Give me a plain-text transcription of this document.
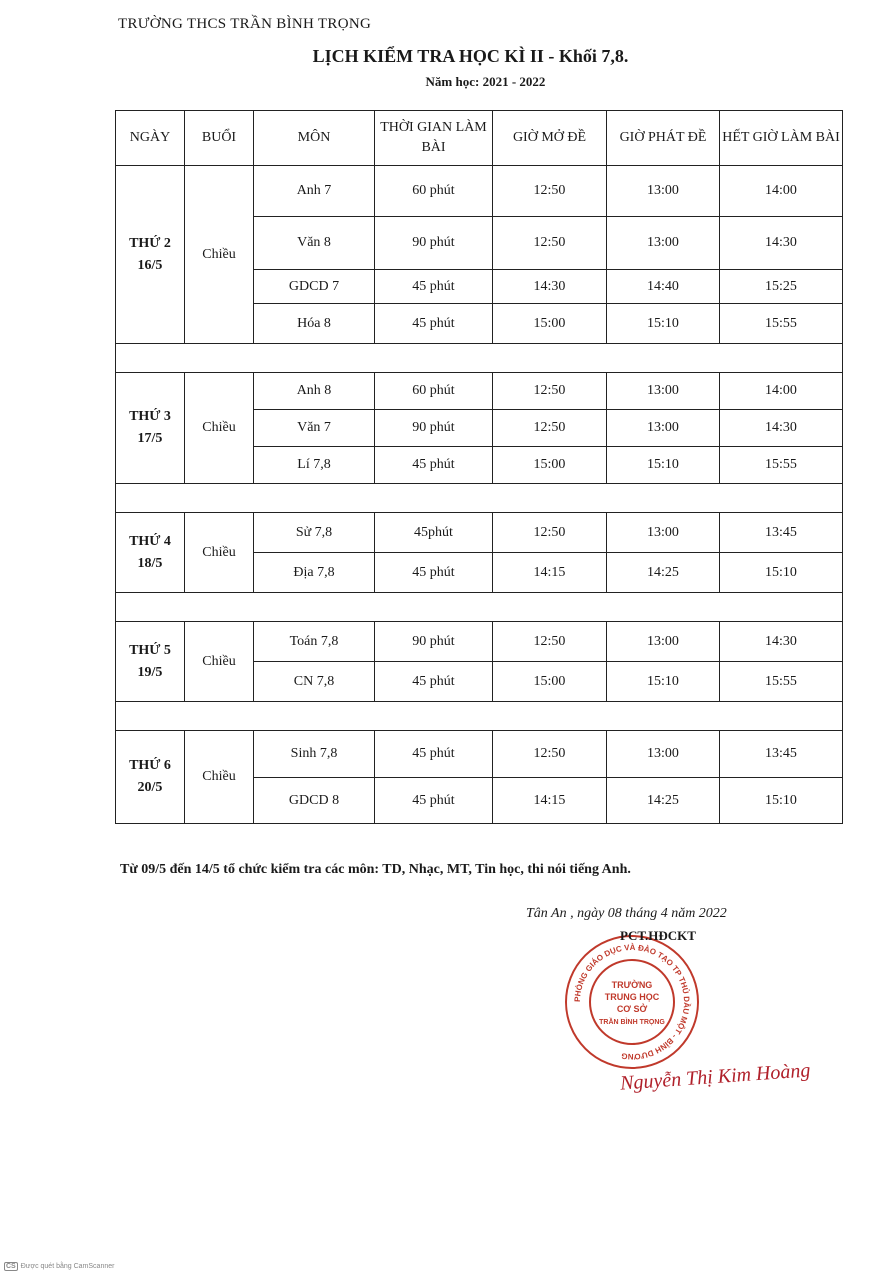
TRƯỜNG THCS TRẦN BÌNH TRỌNG
LỊCH KIỂM TRA HỌC KÌ II - Khối 7,8.
Năm học: 2021 - 2022
NGÀY	BUỔI	MÔN	THỜI GIAN LÀM BÀI	GIỜ MỞ ĐỀ	GIỜ PHÁT ĐỀ	HẾT GIỜ LÀM BÀI

THỨ 2
16/5	Chiều	Anh 7	60 phút	12:50	13:00	14:00
		Văn 8	90 phút	12:50	13:00	14:30
		GDCD 7	45 phút	14:30	14:40	15:25
		Hóa 8	45 phút	15:00	15:10	15:55

THỨ 3
17/5	Chiều	Anh 8	60 phút	12:50	13:00	14:00
		Văn 7	90 phút	12:50	13:00	14:30
		Lí 7,8	45 phút	15:00	15:10	15:55

THỨ 4
18/5	Chiều	Sử 7,8	45phút	12:50	13:00	13:45
		Địa 7,8	45 phút	14:15	14:25	15:10

THỨ 5
19/5	Chiều	Toán 7,8	90 phút	12:50	13:00	14:30
		CN 7,8	45 phút	15:00	15:10	15:55

THỨ 6
20/5	Chiều	Sinh 7,8	45 phút	12:50	13:00	13:45
		GDCD 8	45 phút	14:15	14:25	15:10
Từ 09/5 đến 14/5 tổ chức kiểm tra các môn: TD, Nhạc, MT, Tin học, thi nói tiếng Anh.
Tân An , ngày 08 tháng 4 năm 2022
PHÒNG GIÁO DỤC VÀ ĐÀO TẠO TP THỦ DẦU MỘT - BÌNH DƯƠNG
TRƯỜNG
TRUNG HỌC
CƠ SỞ
TRẦN BÌNH TRỌNG
PCT.HĐCKT
Nguyễn Thị Kim Hoàng
CS Được quét bằng CamScanner
